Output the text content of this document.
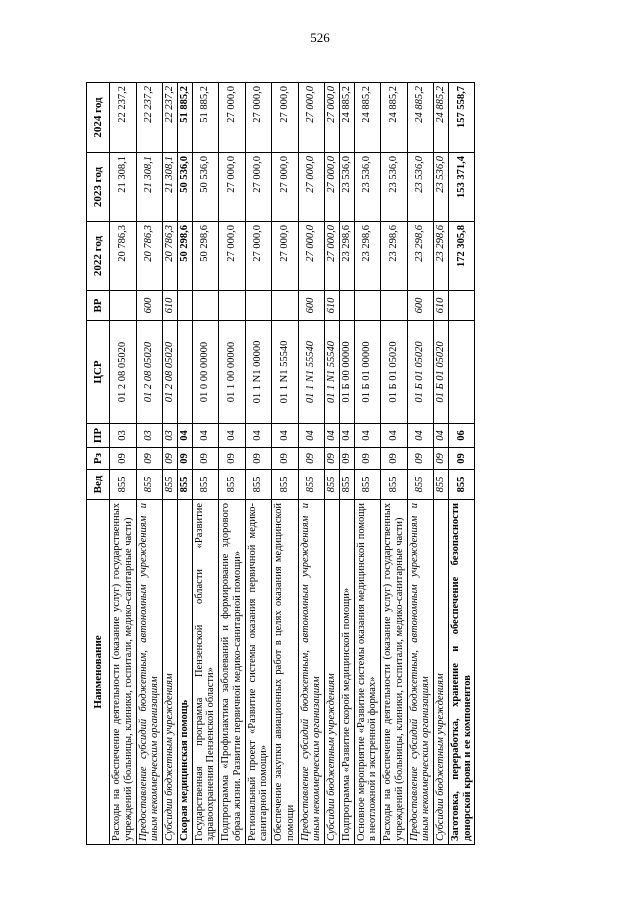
526
Наименование	Вед	Рз	ПР	ЦСР	ВР	2022 год	2023 год	2024 год
Расходы на обеспечение деятельности (оказание услуг) государственных учреждений (больницы, клиники, госпитали, медико-санитарные части)	855	09	03	01 2 08 05020		20 786,3	21 308,1	22 237,2
Предоставление субсидий бюджетным, автономным учреждениям и иным некоммерческим организациям	855	09	03	01 2 08 05020	600	20 786,3	21 308,1	22 237,2
Субсидии бюджетным учреждениям	855	09	03	01 2 08 05020	610	20 786,3	21 308,1	22 237,2
Скорая медицинская помощь	855	09	04			50 298,6	50 536,0	51 885,2
Государственная программа Пензенской области «Развитие здравоохранения Пензенской области»	855	09	04	01 0 00 00000		50 298,6	50 536,0	51 885,2
Подпрограмма «Профилактика заболеваний и формирование здорового образа жизни. Развитие первичной медико-санитарной помощи»	855	09	04	01 1 00 00000		27 000,0	27 000,0	27 000,0
Региональный проект «Развитие системы оказания первичной медико-санитарной помощи»	855	09	04	01 1 N1 00000		27 000,0	27 000,0	27 000,0
Обеспечение закупки авиационных работ в целях оказания медицинской помощи	855	09	04	01 1 N1 55540		27 000,0	27 000,0	27 000,0
Предоставление субсидий бюджетным, автономным учреждениям и иным некоммерческим организациям	855	09	04	01 1 N1 55540	600	27 000,0	27 000,0	27 000,0
Субсидии бюджетным учреждениям	855	09	04	01 1 N1 55540	610	27 000,0	27 000,0	27 000,0
Подпрограмма «Развитие скорой медицинской помощи»	855	09	04	01 Б 00 00000		23 298,6	23 536,0	24 885,2
Основное мероприятие «Развитие системы оказания медицинской помощи в неотложной и экстренной формах»	855	09	04	01 Б 01 00000		23 298,6	23 536,0	24 885,2
Расходы на обеспечение деятельности (оказание услуг) государственных учреждений (больницы, клиники, госпитали, медико-санитарные части)	855	09	04	01 Б 01 05020		23 298,6	23 536,0	24 885,2
Предоставление субсидий бюджетным, автономным учреждениям и иным некоммерческим организациям	855	09	04	01 Б 01 05020	600	23 298,6	23 536,0	24 885,2
Субсидии бюджетным учреждениям	855	09	04	01 Б 01 05020	610	23 298,6	23 536,0	24 885,2
Заготовка, переработка, хранение и обеспечение безопасности донорской крови и ее компонентов	855	09	06			172 305,8	153 371,4	157 558,7
